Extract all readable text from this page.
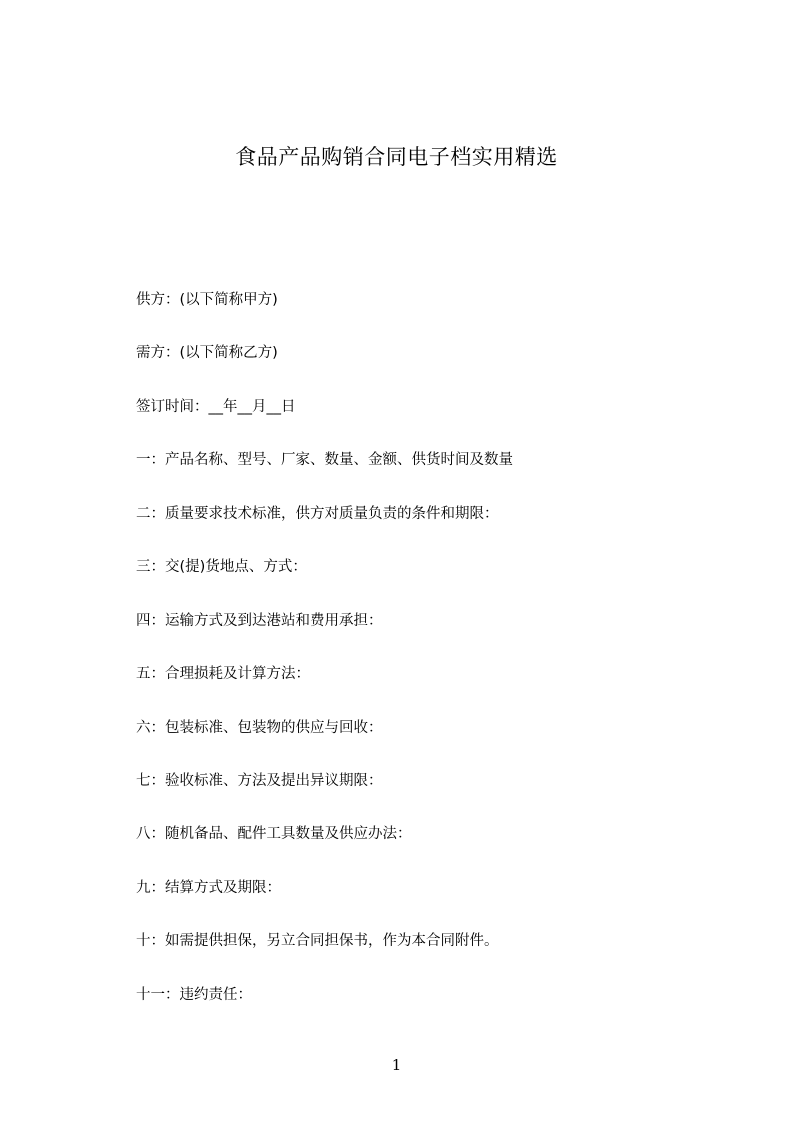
食品产品购销合同电子档实用精选
供方：(以下简称甲方)
需方：(以下简称乙方)
签订时间：__年__月__日
一：产品名称、型号、厂家、数量、金额、供货时间及数量
二：质量要求技术标准，供方对质量负责的条件和期限：
三：交(提)货地点、方式：
四：运输方式及到达港站和费用承担：
五：合理损耗及计算方法：
六：包装标准、包装物的供应与回收：
七：验收标准、方法及提出异议期限：
八：随机备品、配件工具数量及供应办法：
九：结算方式及期限：
十：如需提供担保，另立合同担保书，作为本合同附件。
十一：违约责任：
1
